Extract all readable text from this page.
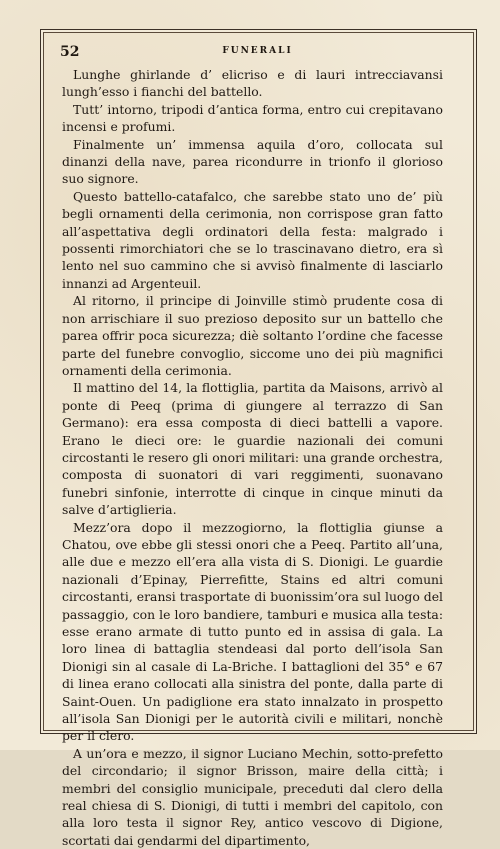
52	FUNERALI

Lunghe ghirlande d’ elicriso e di lauri intrecciavansi lungh’esso i fianchi del battello.

Tutt’ intorno, tripodi d’antica forma, entro cui crepitavano incensi e profumi.

Finalmente un’ immensa aquila d’oro, collocata sul dinanzi della nave, parea ricondurre in trionfo il glorioso suo signore.

Questo battello-catafalco, che sarebbe stato uno de’ più begli ornamenti della cerimonia, non corrispose gran fatto all’aspettativa degli ordinatori della festa: malgrado i possenti rimorchiatori che se lo trascinavano dietro, era sì lento nel suo cammino che si avvisò finalmente di lasciarlo innanzi ad Argenteuil.

Al ritorno, il principe di Joinville stimò prudente cosa di non arrischiare il suo prezioso deposito sur un battello che parea offrir poca sicurezza; diè soltanto l’ordine che facesse parte del funebre convoglio, siccome uno dei più magnifici ornamenti della cerimonia.

Il mattino del 14, la flottiglia, partita da Maisons, arrivò al ponte di Peeq (prima di giungere al terrazzo di San Germano): era essa composta di dieci battelli a vapore. Erano le dieci ore: le guardie nazionali dei comuni circostanti le resero gli onori militari: una grande orchestra, composta di suonatori di vari reggimenti, suonavano funebri sinfonie, interrotte di cinque in cinque minuti da salve d’artiglieria.

Mezz’ora dopo il mezzogiorno, la flottiglia giunse a Chatou, ove ebbe gli stessi onori che a Peeq. Partito all’una, alle due e mezzo ell’era alla vista di S. Dionigi. Le guardie nazionali d’Epinay, Pierrefitte, Stains ed altri comuni circostanti, eransi trasportate di buonissim’ora sul luogo del passaggio, con le loro bandiere, tamburi e musica alla testa: esse erano armate di tutto punto ed in assisa di gala. La loro linea di battaglia stendeasi dal porto dell’isola San Dionigi sin al casale di La-Briche. I battaglioni del 35° e 67 di linea erano collocati alla sinistra del ponte, dalla parte di Saint-Ouen. Un padiglione era stato innalzato in prospetto all’isola San Dionigi per le autorità civili e militari, nonchè per il clero.

A un’ora e mezzo, il signor Luciano Mechin, sotto-prefetto del circondario; il signor Brisson, maire della città; i membri del consiglio municipale, preceduti dal clero della real chiesa di S. Dionigi, di tutti i membri del capitolo, con alla loro testa il signor Rey, antico vescovo di Digione, scortati dai gendarmi del dipartimento,
